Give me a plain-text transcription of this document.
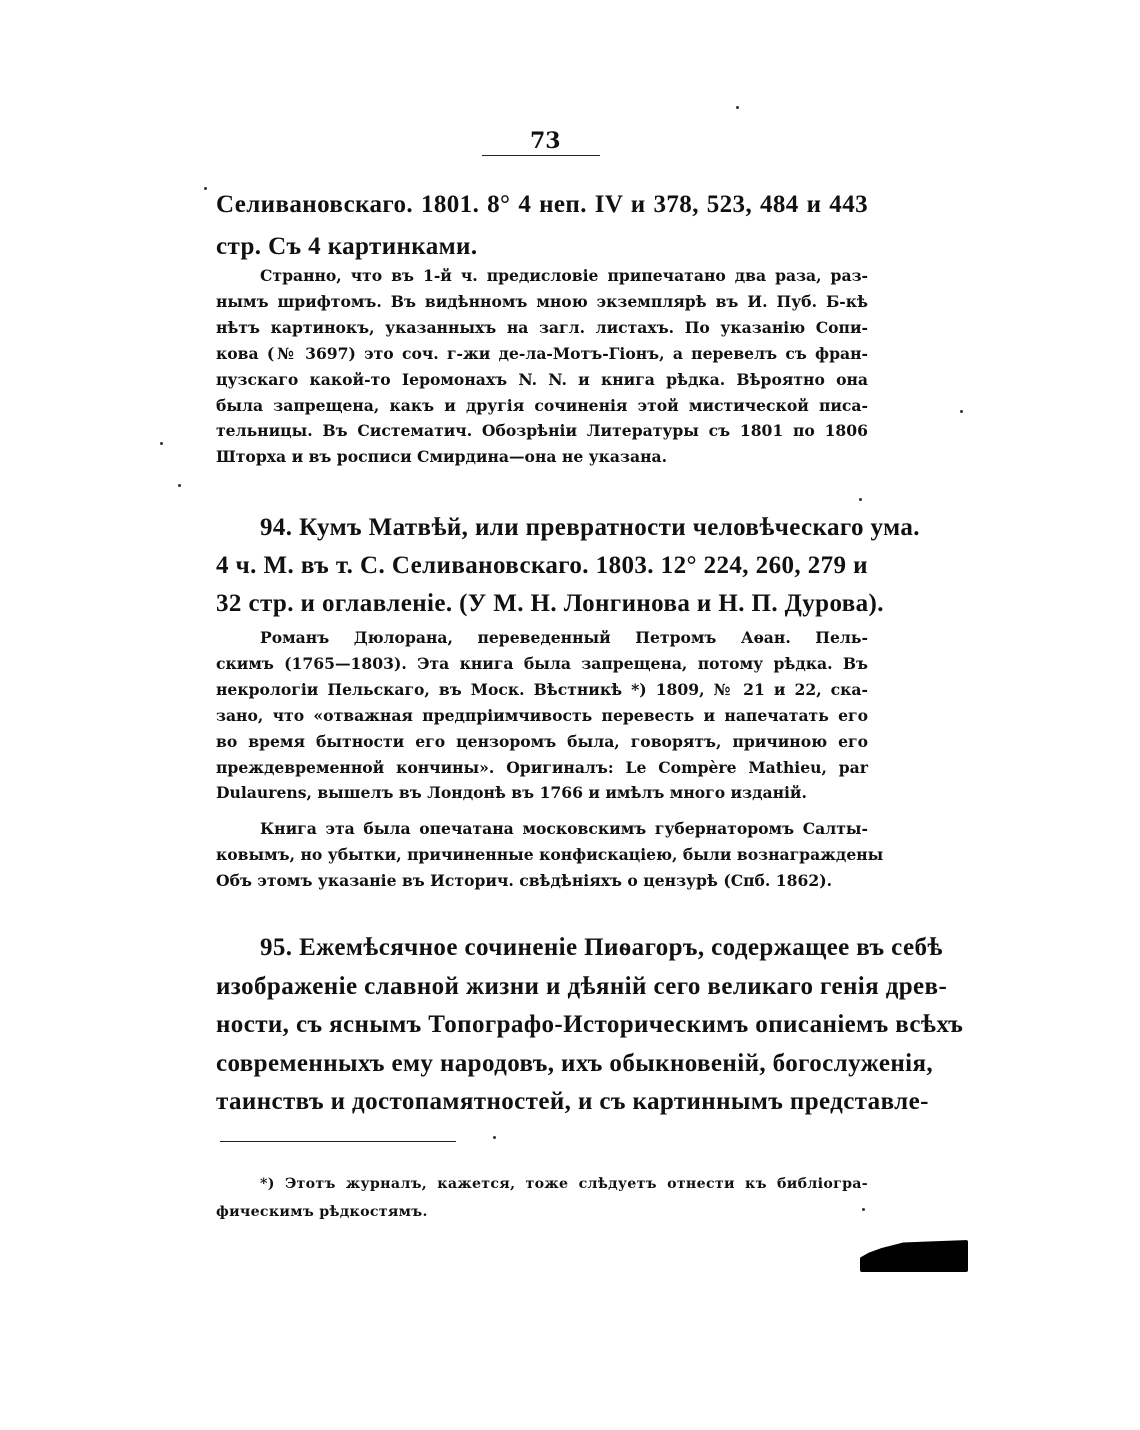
73
Селивановскаго. 1801. 8° 4 неп. IV и 378, 523, 484 и 443
стр. Съ 4 картинками.
Странно, что въ 1-й ч. предисловіе припечатано два раза, раз-
нымъ шрифтомъ. Въ видѣнномъ мною экземплярѣ въ И. Пуб. Б-кѣ
нѣтъ картинокъ, указанныхъ на загл. листахъ. По указанію Сопи-
кова (№ 3697) это соч. г-жи де-ла-Мотъ-Гіонъ, а перевелъ съ фран-
цузскаго какой-то Іеромонахъ N. N. и книга рѣдка. Вѣроятно она
была запрещена, какъ и другія сочиненія этой мистической писа-
тельницы. Въ Систематич. Обозрѣніи Литературы съ 1801 по 1806
Шторха и въ росписи Смирдина—она не указана.
94. Кумъ Матвѣй, или превратности человѣческаго ума.
4 ч. М. въ т. С. Селивановскаго. 1803. 12° 224, 260, 279 и
32 стр. и оглавленіе. (У М. Н. Лонгинова и Н. П. Дурова).
Романъ Дюлорана, переведенный Петромъ Аѳан. Пель-
скимъ (1765—1803). Эта книга была запрещена, потому рѣдка. Въ
некрологіи Пельскаго, въ Моск. Вѣстникѣ *) 1809, № 21 и 22, ска-
зано, что «отважная предпріимчивость перевесть и напечатать его
во время бытности его цензоромъ была, говорятъ, причиною его
преждевременной кончины». Оригиналъ: Le Compère Mathieu, par
Dulaurens, вышелъ въ Лондонѣ въ 1766 и имѣлъ много изданій.
Книга эта была опечатана московскимъ губернаторомъ Салты-
ковымъ, но убытки, причиненные конфискаціею, были вознаграждены
Объ этомъ указаніе въ Историч. свѣдѣніяхъ о цензурѣ (Спб. 1862).
95. Ежемѣсячное сочиненіе Пиѳагоръ, содержащее въ себѣ
изображеніе славной жизни и дѣяній сего великаго генія древ-
ности, съ яснымъ Топографо-Историческимъ описаніемъ всѣхъ
современныхъ ему народовъ, ихъ обыкновеній, богослуженія,
таинствъ и достопамятностей, и съ картиннымъ представле-
*) Этотъ журналъ, кажется, тоже слѣдуетъ отнести къ библіогра-
фическимъ рѣдкостямъ.
